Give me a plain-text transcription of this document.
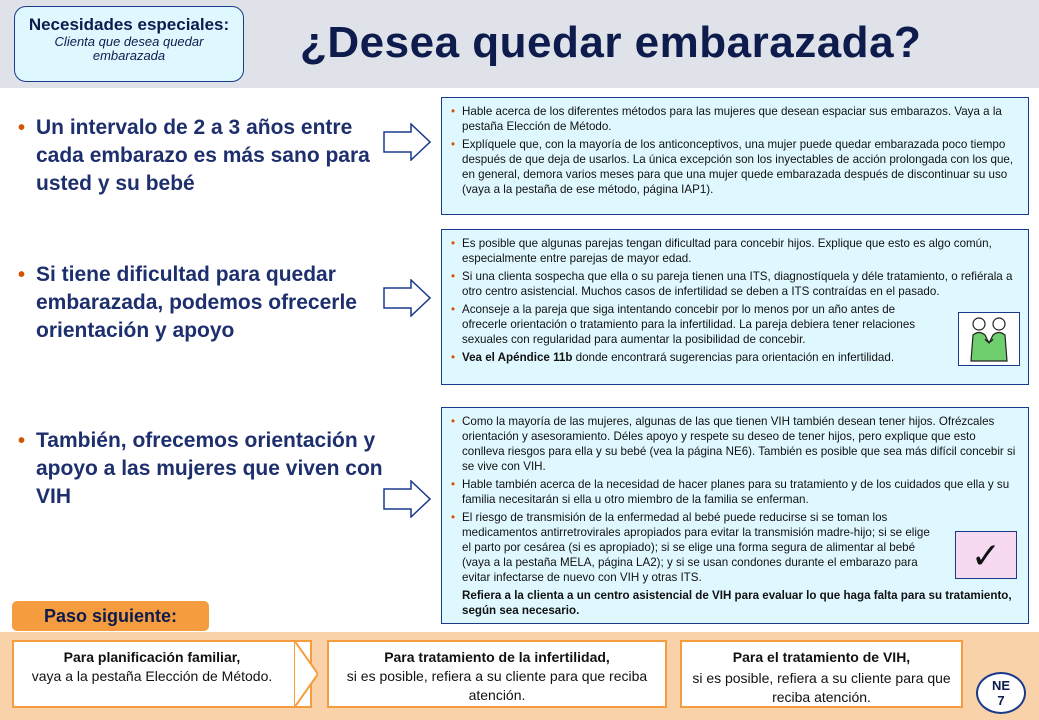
Necesidades especiales:
Clienta que desea quedar embarazada	¿Desea quedar embarazada?
• Un intervalo de 2 a 3 años entre cada embarazo es más sano para usted y su bebé
• Hable acerca de los diferentes métodos para las mujeres que desean espaciar sus embarazos. Vaya a la pestaña Elección de Método.
• Explíquele que, con la mayoría de los anticonceptivos, una mujer puede quedar embarazada poco tiempo después de que deja de usarlos. La única excepción son los inyectables de acción prolongada con los que, en general, demora varios meses para que una mujer quede embarazada después de discontinuar su uso (vaya a la pestaña de ese método, página IAP1).
• Si tiene dificultad para quedar embarazada, podemos ofrecerle orientación y apoyo
• Es posible que algunas parejas tengan dificultad para concebir hijos. Explique que esto es algo común, especialmente entre parejas de mayor edad.
• Si una clienta sospecha que ella o su pareja tienen una ITS, diagnostíquela y déle tratamiento, o refiérala a otro centro asistencial. Muchos casos de infertilidad se deben a ITS contraídas en el pasado.
• Aconseje a la pareja que siga intentando concebir por lo menos por un año antes de ofrecerle orientación o tratamiento para la infertilidad. La pareja debiera tener relaciones sexuales con regularidad para aumentar la posibilidad de concebir.
• Vea el Apéndice 11b donde encontrará sugerencias para orientación en infertilidad.
• También, ofrecemos orientación y apoyo a las mujeres que viven con VIH
• Como la mayoría de las mujeres, algunas de las que tienen VIH también desean tener hijos. Ofrézcales orientación y asesoramiento. Déles apoyo y respete su deseo de tener hijos, pero explique que esto conlleva riesgos para ella y su bebé (vea la página NE6). También es posible que sea más difícil concebir si se vive con VIH.
• Hable también acerca de la necesidad de hacer planes para su tratamiento y de los cuidados que ella y su familia necesitarán si ella u otro miembro de la familia se enferman.
• El riesgo de transmisión de la enfermedad al bebé puede reducirse si se toman los medicamentos antirretrovirales apropiados para evitar la transmisión madre-hijo; si se elige el parto por cesárea (si es apropiado); si se elige una forma segura de alimentar al bebé (vaya a la pestaña MELA, página LA2); y si se usan condones durante el embarazo para evitar infectarse de nuevo con VIH y otras ITS.
Refiera a la clienta a un centro asistencial de VIH para evaluar lo que haga falta para su tratamiento, según sea necesario.
✓
Paso siguiente:
Para planificación familiar,
vaya a la pestaña Elección de Método.
Para tratamiento de la infertilidad,
si es posible, refiera a su cliente para que reciba atención.
Para el tratamiento de VIH,
si es posible, refiera a su cliente para que reciba atención.
NE
7
